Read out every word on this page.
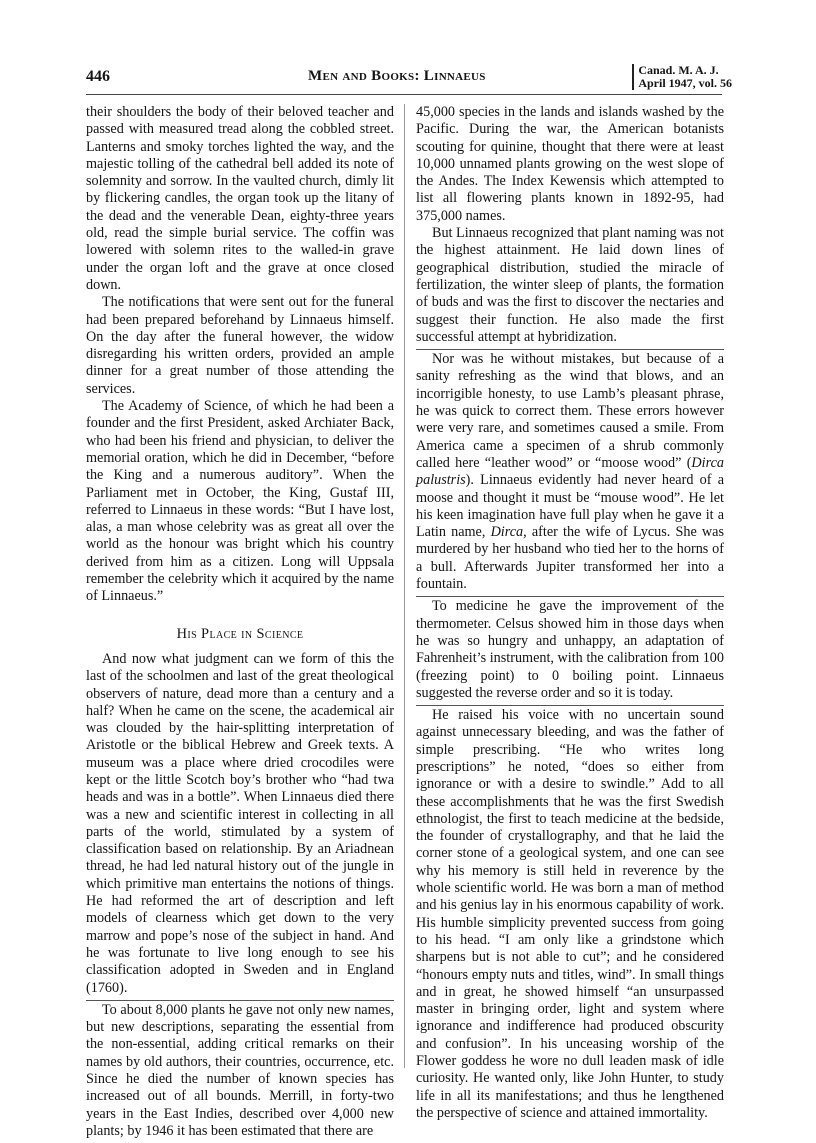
446	Men and Books: Linnaeus	Canad. M. A. J.
April 1947, vol. 56

their shoulders the body of their beloved teacher and passed with measured tread along the cobbled street. Lanterns and smoky torches lighted the way, and the majestic tolling of the cathedral bell added its note of solemnity and sorrow. In the vaulted church, dimly lit by flickering candles, the organ took up the litany of the dead and the venerable Dean, eighty-three years old, read the simple burial service. The coffin was lowered with solemn rites to the walled-in grave under the organ loft and the grave at once closed down.

The notifications that were sent out for the funeral had been prepared beforehand by Linnaeus himself. On the day after the funeral however, the widow disregarding his written orders, provided an ample dinner for a great number of those attending the services.

The Academy of Science, of which he had been a founder and the first President, asked Archiater Back, who had been his friend and physician, to deliver the memorial oration, which he did in December, “before the King and a numerous auditory”. When the Parliament met in October, the King, Gustaf III, referred to Linnaeus in these words: “But I have lost, alas, a man whose celebrity was as great all over the world as the honour was bright which his country derived from him as a citizen. Long will Uppsala remember the celebrity which it acquired by the name of Linnaeus.”

His Place in Science

And now what judgment can we form of this the last of the schoolmen and last of the great theological observers of nature, dead more than a century and a half? When he came on the scene, the academical air was clouded by the hair-splitting interpretation of Aristotle or the biblical Hebrew and Greek texts. A museum was a place where dried crocodiles were kept or the little Scotch boy’s brother who “had twa heads and was in a bottle”. When Linnaeus died there was a new and scientific interest in collecting in all parts of the world, stimulated by a system of classification based on relationship. By an Ariadnean thread, he had led natural history out of the jungle in which primitive man entertains the notions of things. He had reformed the art of description and left models of clearness which get down to the very marrow and pope’s nose of the subject in hand. And he was fortunate to live long enough to see his classification adopted in Sweden and in England (1760).

To about 8,000 plants he gave not only new names, but new descriptions, separating the essential from the non-essential, adding critical remarks on their names by old authors, their countries, occurrence, etc. Since he died the number of known species has increased out of all bounds. Merrill, in forty-two years in the East Indies, described over 4,000 new plants; by 1946 it has been estimated that there are

45,000 species in the lands and islands washed by the Pacific. During the war, the American botanists scouting for quinine, thought that there were at least 10,000 unnamed plants growing on the west slope of the Andes. The Index Kewensis which attempted to list all flowering plants known in 1892-95, had 375,000 names.

But Linnaeus recognized that plant naming was not the highest attainment. He laid down lines of geographical distribution, studied the miracle of fertilization, the winter sleep of plants, the formation of buds and was the first to discover the nectaries and suggest their function. He also made the first successful attempt at hybridization.

Nor was he without mistakes, but because of a sanity refreshing as the wind that blows, and an incorrigible honesty, to use Lamb’s pleasant phrase, he was quick to correct them. These errors however were very rare, and sometimes caused a smile. From America came a specimen of a shrub commonly called here “leather wood” or “moose wood” (Dirca palustris). Linnaeus evidently had never heard of a moose and thought it must be “mouse wood”. He let his keen imagination have full play when he gave it a Latin name, Dirca, after the wife of Lycus. She was murdered by her husband who tied her to the horns of a bull. Afterwards Jupiter transformed her into a fountain.

To medicine he gave the improvement of the thermometer. Celsus showed him in those days when he was so hungry and unhappy, an adaptation of Fahrenheit’s instrument, with the calibration from 100 (freezing point) to 0 boiling point. Linnaeus suggested the reverse order and so it is today.

He raised his voice with no uncertain sound against unnecessary bleeding, and was the father of simple prescribing. “He who writes long prescriptions” he noted, “does so either from ignorance or with a desire to swindle.” Add to all these accomplishments that he was the first Swedish ethnologist, the first to teach medicine at the bedside, the founder of crystallography, and that he laid the corner stone of a geological system, and one can see why his memory is still held in reverence by the whole scientific world. He was born a man of method and his genius lay in his enormous capability of work. His humble simplicity prevented success from going to his head. “I am only like a grindstone which sharpens but is not able to cut”; and he considered “honours empty nuts and titles, wind”. In small things and in great, he showed himself “an unsurpassed master in bringing order, light and system where ignorance and indifference had produced obscurity and confusion”. In his unceasing worship of the Flower goddess he wore no dull leaden mask of idle curiosity. He wanted only, like John Hunter, to study life in all its manifestations; and thus he lengthened the perspective of science and attained immortality.
